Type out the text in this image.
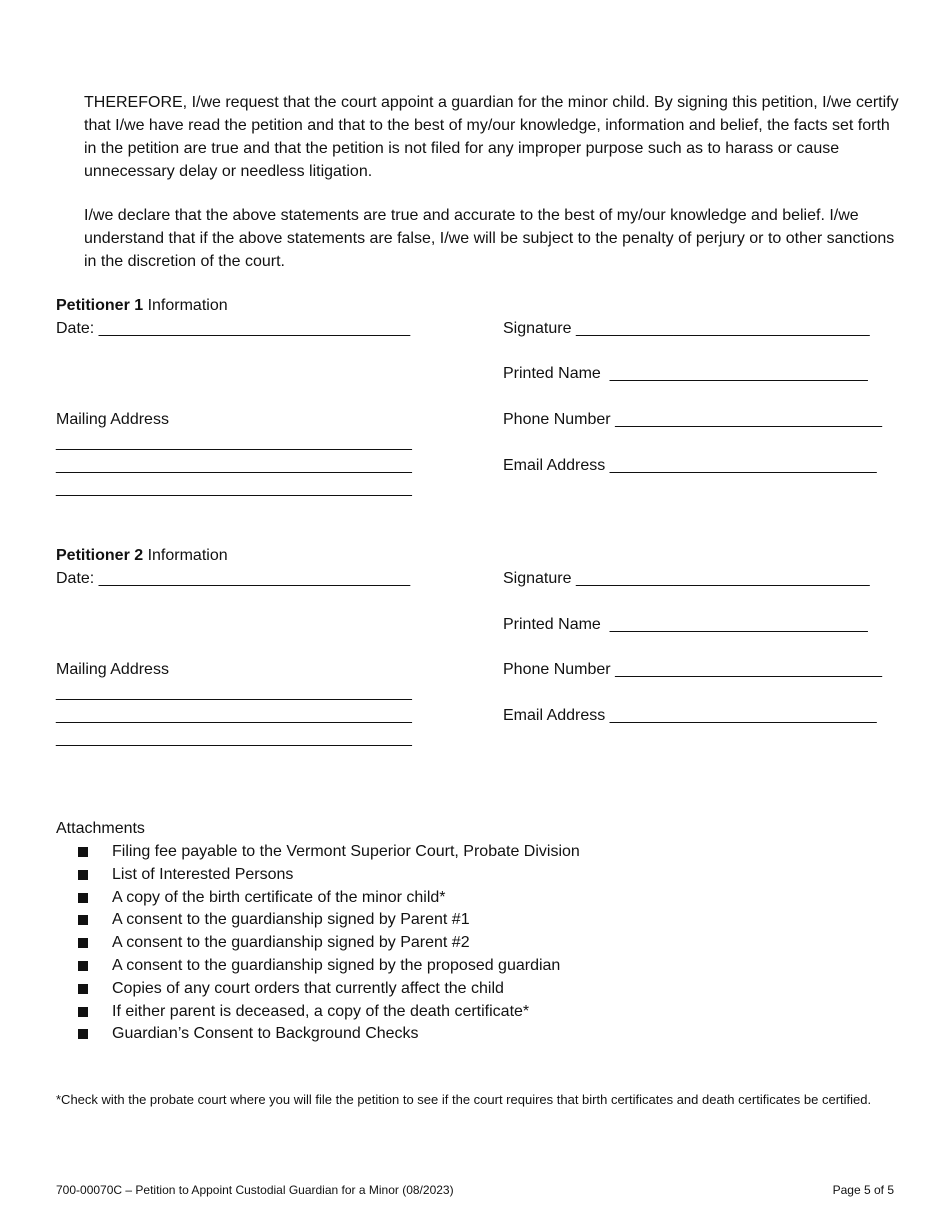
THEREFORE, I/we request that the court appoint a guardian for the minor child. By signing this petition, I/we certify that I/we have read the petition and that to the best of my/our knowledge, information and belief, the facts set forth in the petition are true and that the petition is not filed for any improper purpose such as to harass or cause unnecessary delay or needless litigation.

I/we declare that the above statements are true and accurate to the best of my/our knowledge and belief. I/we understand that if the above statements are false, I/we will be subject to the penalty of perjury or to other sanctions in the discretion of the court.

Petitioner 1 Information
Date: ___________________________________	Signature _________________________________
Printed Name  _____________________________
Mailing Address	Phone Number ______________________________
________________________________________
________________________________________	Email Address ______________________________
________________________________________
Petitioner 2 Information
Date: ___________________________________	Signature _________________________________
Printed Name  _____________________________
Mailing Address	Phone Number ______________________________
________________________________________
________________________________________	Email Address ______________________________
________________________________________
Attachments
Filing fee payable to the Vermont Superior Court, Probate Division
List of Interested Persons
A copy of the birth certificate of the minor child*
A consent to the guardianship signed by Parent #1
A consent to the guardianship signed by Parent #2
A consent to the guardianship signed by the proposed guardian
Copies of any court orders that currently affect the child
If either parent is deceased, a copy of the death certificate*
Guardian’s Consent to Background Checks

*Check with the probate court where you will file the petition to see if the court requires that birth certificates and death certificates be certified.

700-00070C – Petition to Appoint Custodial Guardian for a Minor (08/2023)	Page 5 of 5
